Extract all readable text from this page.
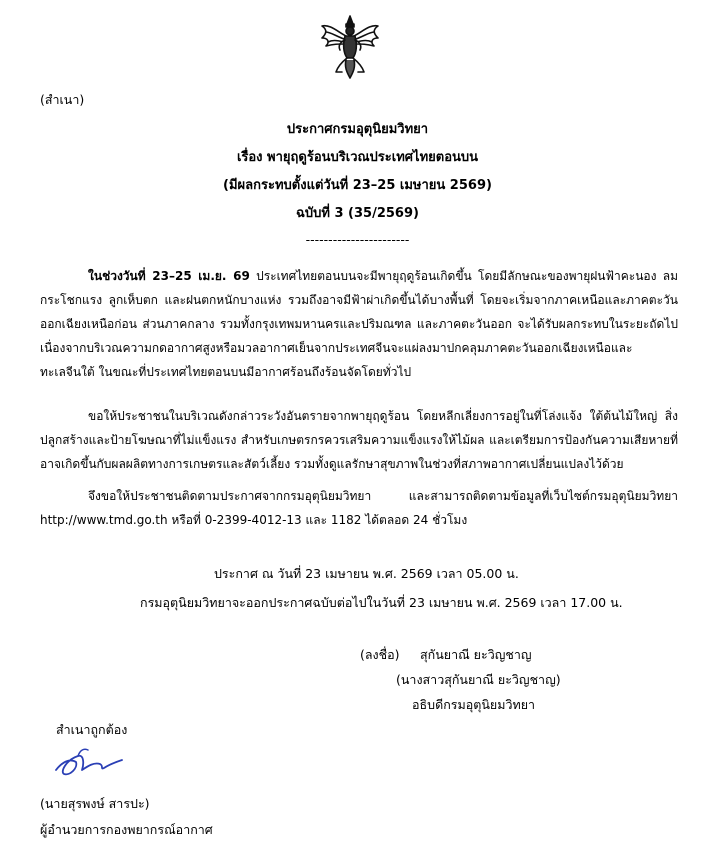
(สำเนา)
ประกาศกรมอุตุนิยมวิทยา
เรื่อง พายุฤดูร้อนบริเวณประเทศไทยตอนบน
(มีผลกระทบตั้งแต่วันที่ 23–25 เมษายน 2569)
ฉบับที่ 3 (35/2569)
-----------------------

ในช่วงวันที่ 23–25 เม.ย. 69 ประเทศไทยตอนบนจะมีพายุฤดูร้อนเกิดขึ้น โดยมีลักษณะของพายุฝนฟ้าคะนอง ลมกระโชกแรง ลูกเห็บตก และฝนตกหนักบางแห่ง รวมถึงอาจมีฟ้าผ่าเกิดขึ้นได้บางพื้นที่ โดยจะเริ่มจากภาคเหนือและภาคตะวันออกเฉียงเหนือก่อน ส่วนภาคกลาง รวมทั้งกรุงเทพมหานครและปริมณฑล และภาคตะวันออก จะได้รับผลกระทบในระยะถัดไป เนื่องจากบริเวณความกดอากาศสูงหรือมวลอากาศเย็นจากประเทศจีนจะแผ่ลงมาปกคลุมภาคตะวันออกเฉียงเหนือและทะเลจีนใต้ ในขณะที่ประเทศไทยตอนบนมีอากาศร้อนถึงร้อนจัดโดยทั่วไป

ขอให้ประชาชนในบริเวณดังกล่าวระวังอันตรายจากพายุฤดูร้อน โดยหลีกเลี่ยงการอยู่ในที่โล่งแจ้ง ใต้ต้นไม้ใหญ่ สิ่งปลูกสร้างและป้ายโฆษณาที่ไม่แข็งแรง สำหรับเกษตรกรควรเสริมความแข็งแรงให้ไม้ผล และเตรียมการป้องกันความเสียหายที่อาจเกิดขึ้นกับผลผลิตทางการเกษตรและสัตว์เลี้ยง รวมทั้งดูแลรักษาสุขภาพในช่วงที่สภาพอากาศเปลี่ยนแปลงไว้ด้วย

จึงขอให้ประชาชนติดตามประกาศจากกรมอุตุนิยมวิทยา และสามารถติดตามข้อมูลที่เว็บไซต์กรมอุตุนิยมวิทยา http://www.tmd.go.th หรือที่ 0-2399-4012-13 และ 1182 ได้ตลอด 24 ชั่วโมง

ประกาศ ณ วันที่ 23 เมษายน พ.ศ. 2569 เวลา 05.00 น.
กรมอุตุนิยมวิทยาจะออกประกาศฉบับต่อไปในวันที่ 23 เมษายน พ.ศ. 2569 เวลา 17.00 น.
(ลงชื่อ) สุกันยาณี ยะวิญชาญ
(นางสาวสุกันยาณี ยะวิญชาญ)
อธิบดีกรมอุตุนิยมวิทยา
สำเนาถูกต้อง
(นายสุรพงษ์ สารปะ)
ผู้อำนวยการกองพยากรณ์อากาศ
